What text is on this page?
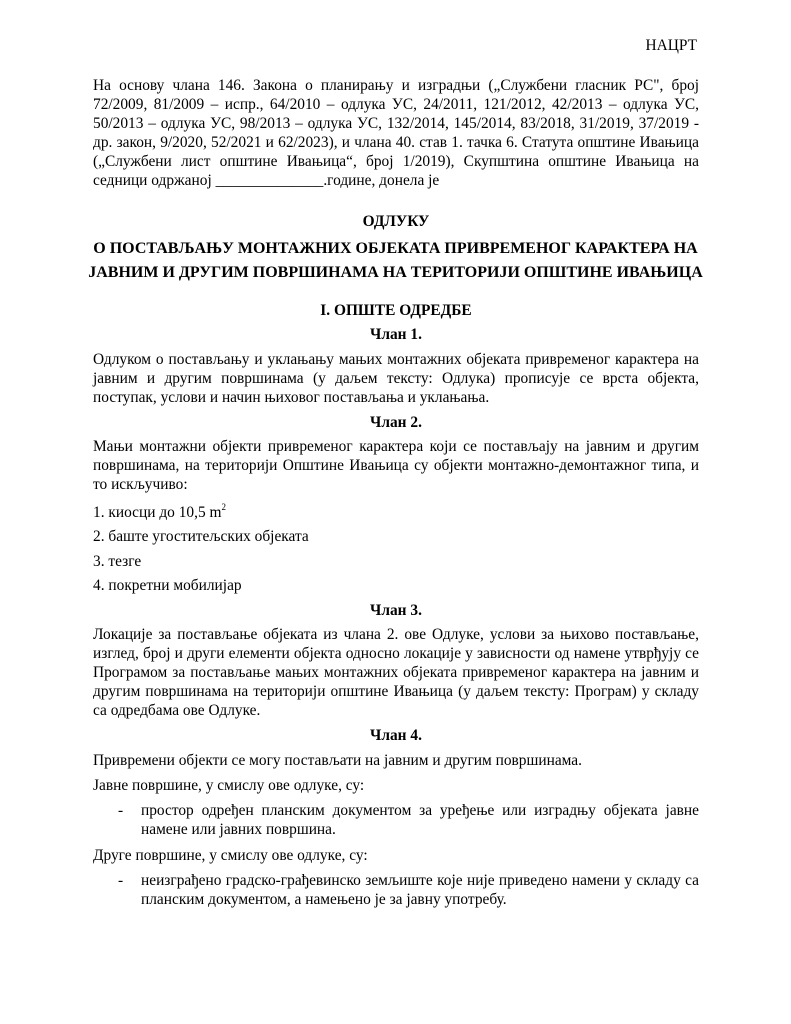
НАЦРТ

На основу члана 146. Закона о планирању и изградњи („Службени гласник РС", број 72/2009, 81/2009 – испр., 64/2010 – одлука УС, 24/2011, 121/2012, 42/2013 – одлука УС, 50/2013 – одлука УС, 98/2013 – одлука УС, 132/2014, 145/2014, 83/2018, 31/2019, 37/2019 - др. закон, 9/2020, 52/2021 и 62/2023), и члана 40. став 1. тачка 6. Статута општине Ивањица („Службени лист општине Ивањица“, број 1/2019), Скупштина општине Ивањица на седници одржаној ______________.године, донела је

ОДЛУКУ

О ПОСТАВЉАЊУ МОНТАЖНИХ ОБЈЕКАТА ПРИВРЕМЕНОГ КАРАКТЕРА НА

ЈАВНИМ И ДРУГИМ ПОВРШИНАМА НА ТЕРИТОРИЈИ ОПШТИНЕ ИВАЊИЦА

I. ОПШТЕ ОДРЕДБЕ

Члан 1.

Одлуком о постављању и уклањању мањих монтажних објеката привременог карактера на јавним и другим површинама (у даљем тексту: Одлука) прописује се врста објекта, поступак, услови и начин њиховог постављања и уклањања.

Члан 2.

Мањи монтажни објекти привременог карактера који се постављају на јавним и другим површинама, на територији Општине Ивањица су објекти монтажно-демонтажног типа, и то искључиво:

1. киосци до 10,5 $m^2$

2. баште угоститељских објеката

3. тезге

4. покретни мобилијар

Члан 3.

Локације за постављање објеката из члана 2. ове Одлуке, услови за њихово постављање, изглед, број и други елементи објекта односно локације у зависности од намене утврђују се Програмом за постављање мањих монтажних објеката привременог карактера на јавним и другим површинама на територији општине Ивањица (у даљем тексту: Програм) у складу са одредбама ове Одлуке.

Члан 4.

Привремени објекти се могу постављати на јавним и другим површинама.

Јавне површине, у смислу ове одлуке, су:

- простор одређен планским документом за уређење или изградњу објеката јавне намене или јавних површина.

Друге површине, у смислу ове одлуке, су:

- неизграђено градско-грађевинско земљиште које није приведено намени у складу са планским документом, а намењено је за јавну употребу.
